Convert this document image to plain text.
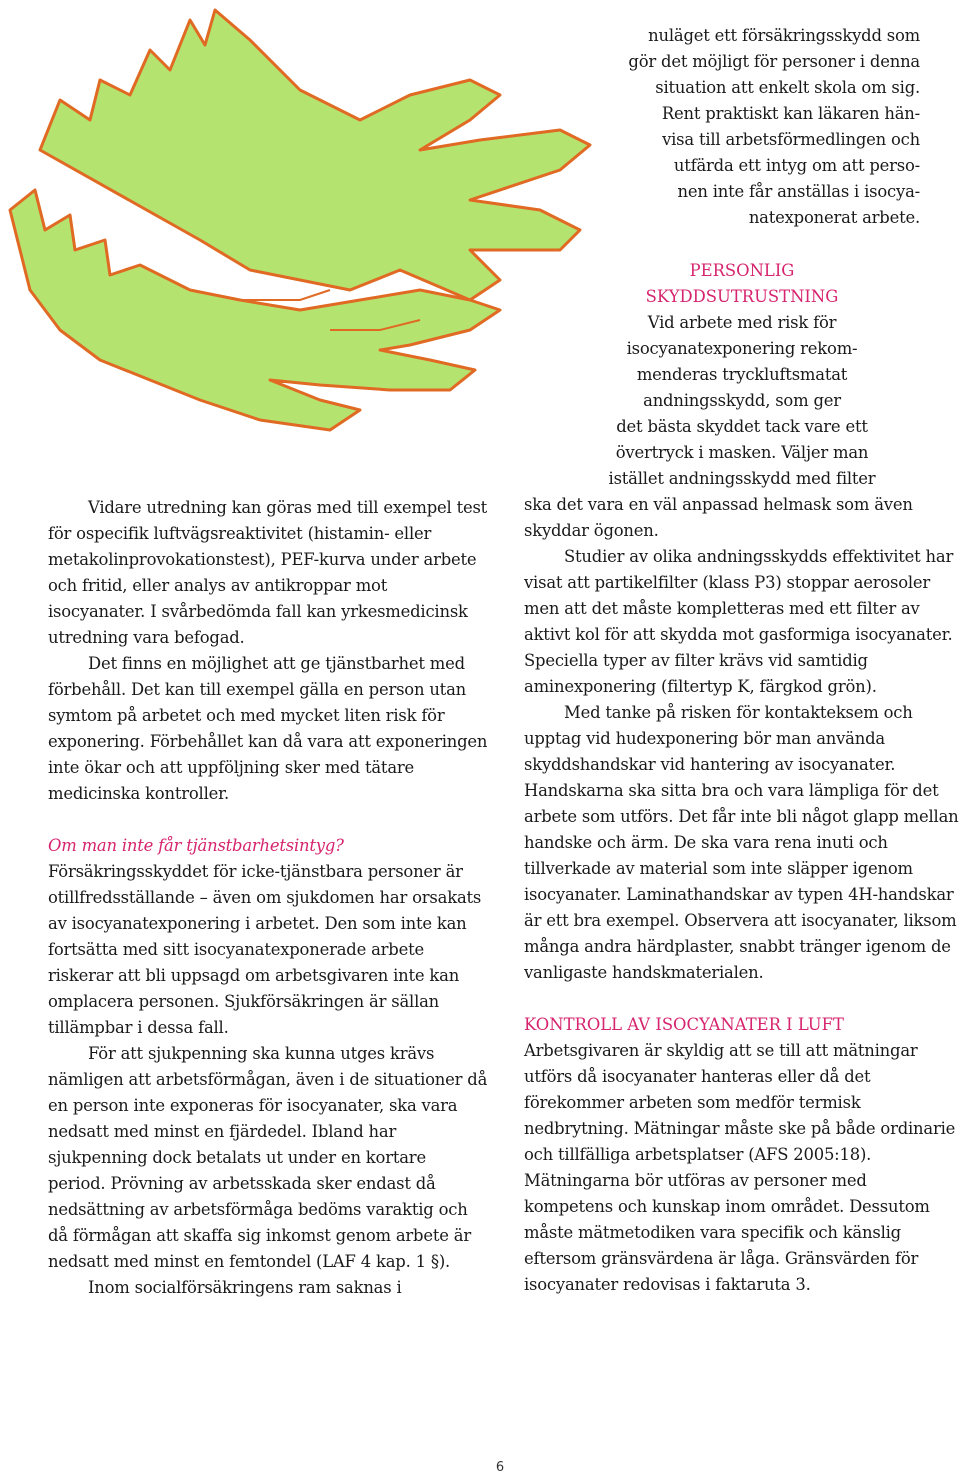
nuläget ett försäkringsskydd som

gör det möjligt för personer i denna

situation att enkelt skola om sig.

Rent praktiskt kan läkaren hän-

visa till arbetsförmedlingen och

utfärda ett intyg om att perso-

nen inte får anställas i isocya-

natexponerat arbete.

PERSONLIG

SKYDDSUTRUSTNING

Vid arbete med risk för

isocyanatexponering rekom-

menderas tryckluftsmatat

andningsskydd, som ger

det bästa skyddet tack vare ett

övertryck i masken. Väljer man

istället andningsskydd med filter

ska det vara en väl anpassad helmask som även skyddar ögonen.

Studier av olika andningsskydds effektivitet har visat att partikelfilter (klass P3) stoppar aerosoler men att det måste kompletteras med ett filter av aktivt kol för att skydda mot gasformiga isocyanater. Speciella typer av filter krävs vid samtidig aminexponering (filtertyp K, färgkod grön).

Med tanke på risken för kontakteksem och upptag vid hudexponering bör man använda skyddshandskar vid hantering av isocyanater. Handskarna ska sitta bra och vara lämpliga för det arbete som utförs. Det får inte bli något glapp mellan handske och ärm. De ska vara rena inuti och tillverkade av material som inte släpper igenom isocyanater. Laminathandskar av typen 4H-handskar är ett bra exempel. Observera att isocyanater, liksom många andra härdplaster, snabbt tränger igenom de vanligaste handskmaterialen.

KONTROLL AV ISOCYANATER I LUFT

Arbetsgivaren är skyldig att se till att mätningar utförs då isocyanater hanteras eller då det förekommer arbeten som medför termisk nedbrytning. Mätningar måste ske på både ordinarie och tillfälliga arbetsplatser (AFS 2005:18). Mätningarna bör utföras av personer med kompetens och kunskap inom området. Dessutom måste mätmetodiken vara specifik och känslig eftersom gränsvärdena är låga. Gränsvärden för isocyanater redovisas i faktaruta 3.

Vidare utredning kan göras med till exempel test för ospecifik luftvägsreaktivitet (histamin- eller metakolinprovokationstest), PEF-kurva under arbete och fritid, eller analys av antikroppar mot isocyanater. I svårbedömda fall kan yrkesmedicinsk utredning vara befogad.

Det finns en möjlighet att ge tjänstbarhet med förbehåll. Det kan till exempel gälla en person utan symtom på arbetet och med mycket liten risk för exponering. Förbehållet kan då vara att exponeringen inte ökar och att uppföljning sker med tätare medicinska kontroller.

Om man inte får tjänstbarhetsintyg?

Försäkringsskyddet för icke-tjänstbara personer är otillfredsställande – även om sjukdomen har orsakats av isocyanatexponering i arbetet. Den som inte kan fortsätta med sitt isocyanatexponerade arbete riskerar att bli uppsagd om arbetsgivaren inte kan omplacera personen. Sjukförsäkringen är sällan tillämpbar i dessa fall.

För att sjukpenning ska kunna utges krävs nämligen att arbetsförmågan, även i de situationer då en person inte exponeras för isocyanater, ska vara nedsatt med minst en fjärdedel. Ibland har sjukpenning dock betalats ut under en kortare period. Prövning av arbetsskada sker endast då nedsättning av arbetsförmåga bedöms varaktig och då förmågan att skaffa sig inkomst genom arbete är nedsatt med minst en femtondel (LAF 4 kap. 1 §).

Inom socialförsäkringens ram saknas i

6
